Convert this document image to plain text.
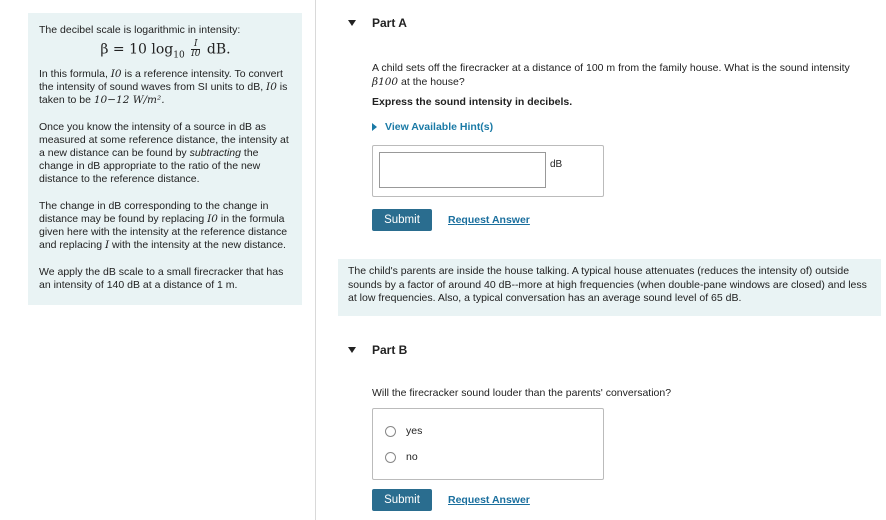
The decibel scale is logarithmic in intensity:

β = 10 $\log_{10} \frac{I}{I0}$ dB.

In this formula, I0 is a reference intensity. To convert the intensity of sound waves from SI units to dB, I0 is taken to be 10−12 W/m².

Once you know the intensity of a source in dB as measured at some reference distance, the intensity at a new distance can be found by subtracting the change in dB appropriate to the ratio of the new distance to the reference distance.

The change in dB corresponding to the change in distance may be found by replacing I0 in the formula given here with the intensity at the reference distance and replacing I with the intensity at the new distance.

We apply the dB scale to a small firecracker that has an intensity of 140 dB at a distance of 1 m.

Part A
A child sets off the firecracker at a distance of 100 m from the family house. What is the sound intensity β100 at the house?
Express the sound intensity in decibels.
View Available Hint(s)
dB
Submit	Request Answer
The child's parents are inside the house talking. A typical house attenuates (reduces the intensity of) outside sounds by a factor of around 40 dB--more at high frequencies (when double-pane windows are closed) and less at low frequencies. Also, a typical conversation has an average sound level of 65 dB.
Part B
Will the firecracker sound louder than the parents' conversation?
yes
no
Submit	Request Answer
